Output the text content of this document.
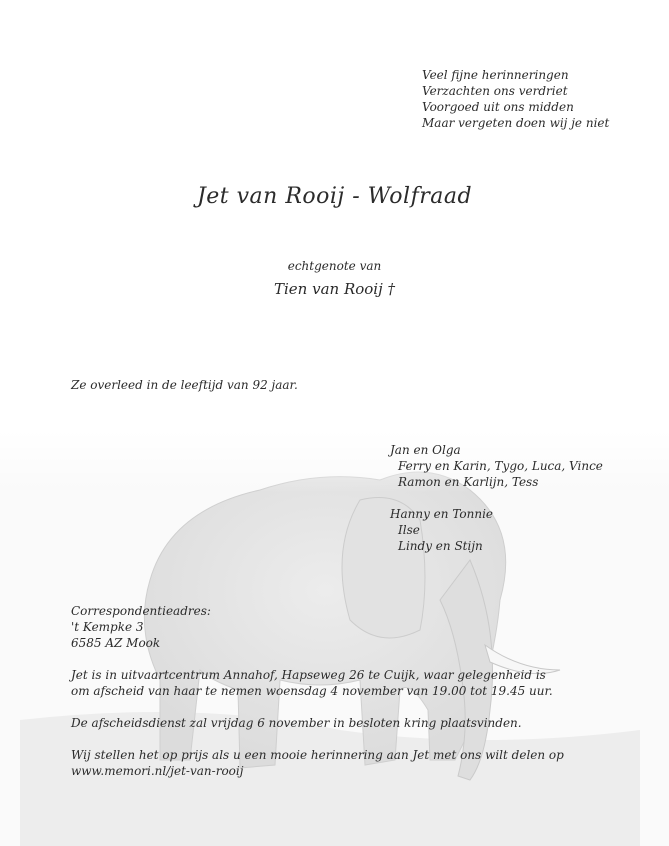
Veel fijne herinneringen
Verzachten ons verdriet
Voorgoed uit ons midden
Maar vergeten doen wij je niet
Jet van Rooij - Wolfraad
echtgenote van
Tien van Rooij †
Ze overleed in de leeftijd van 92 jaar.
Jan en Olga
Ferry en Karin, Tygo, Luca, Vince
Ramon en Karlijn, Tess
Hanny en Tonnie
Ilse
Lindy en Stijn
Correspondentieadres:
't Kempke 3
6585 AZ Mook
Jet is in uitvaartcentrum Annahof, Hapseweg 26 te Cuijk, waar gelegenheid is
om afscheid van haar te nemen woensdag 4 november van 19.00 tot 19.45 uur.
De afscheidsdienst zal vrijdag 6 november in besloten kring plaatsvinden.
Wij stellen het op prijs als u een mooie herinnering aan Jet met ons wilt delen op
www.memori.nl/jet-van-rooij
